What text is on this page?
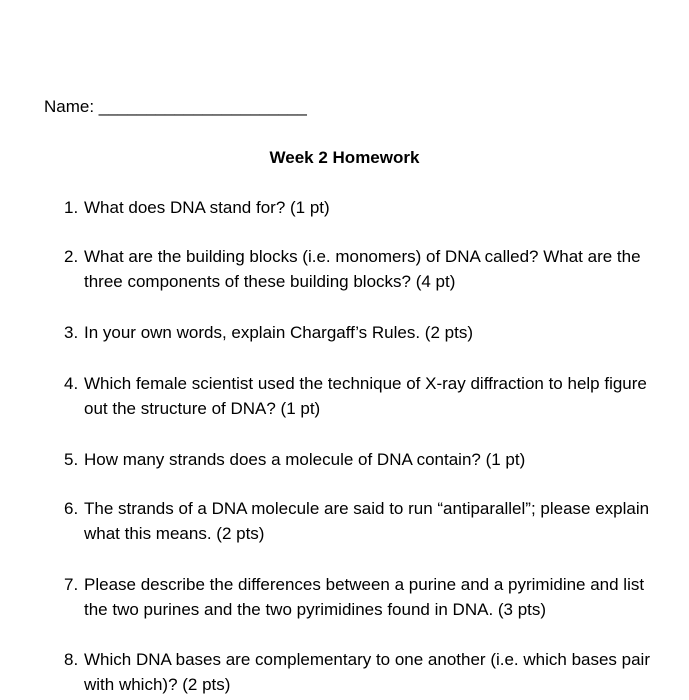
Name: ______________________
Week 2 Homework
1. What does DNA stand for? (1 pt)
2. What are the building blocks (i.e. monomers) of DNA called? What are the three components of these building blocks? (4 pt)
3. In your own words, explain Chargaff’s Rules. (2 pts)
4. Which female scientist used the technique of X-ray diffraction to help figure out the structure of DNA? (1 pt)
5. How many strands does a molecule of DNA contain? (1 pt)
6. The strands of a DNA molecule are said to run “antiparallel”; please explain what this means. (2 pts)
7. Please describe the differences between a purine and a pyrimidine and list the two purines and the two pyrimidines found in DNA. (3 pts)
8. Which DNA bases are complementary to one another (i.e. which bases pair with which)? (2 pts)
